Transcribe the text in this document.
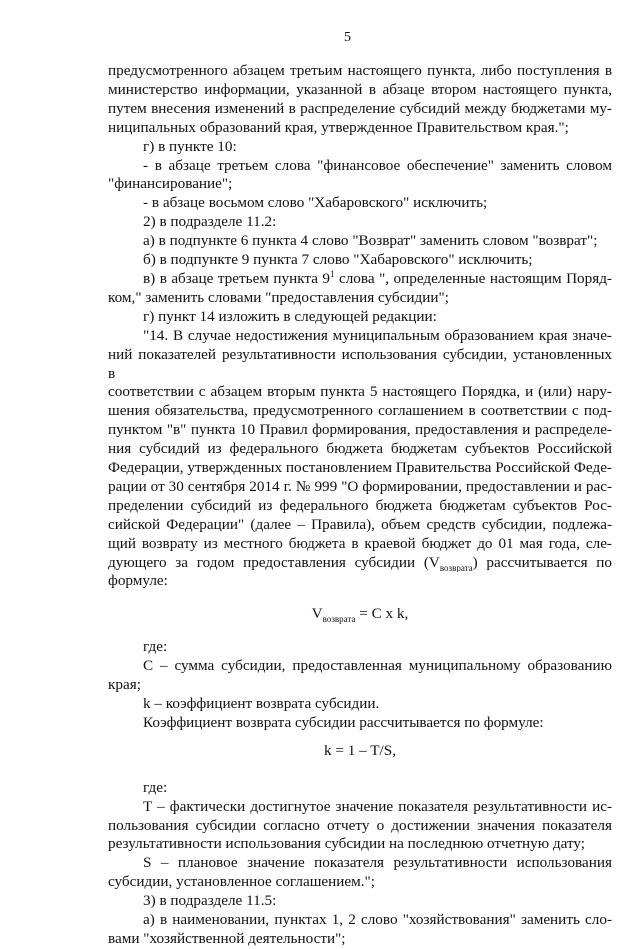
5
предусмотренного абзацем третьим настоящего пункта, либо поступления в
министерство информации, указанной в абзаце втором настоящего пункта,
путем внесения изменений в распределение субсидий между бюджетами му-
ниципальных образований края, утвержденное Правительством края.";
г) в пункте 10:
- в абзаце третьем слова "финансовое обеспечение" заменить словом
"финансирование";
- в абзаце восьмом слово "Хабаровского" исключить;
2) в подразделе 11.2:
а) в подпункте 6 пункта 4 слово "Возврат" заменить словом "возврат";
б) в подпункте 9 пункта 7 слово "Хабаровского" исключить;
в) в абзаце третьем пункта $9^1$ слова ", определенные настоящим Поряд-
ком," заменить словами "предоставления субсидии";
г) пункт 14 изложить в следующей редакции:
"14. В случае недостижения муниципальным образованием края значе-
ний показателей результативности использования субсидии, установленных в
соответствии с абзацем вторым пункта 5 настоящего Порядка, и (или) нару-
шения обязательства, предусмотренного соглашением в соответствии с под-
пунктом "в" пункта 10 Правил формирования, предоставления и распределе-
ния субсидий из федерального бюджета бюджетам субъектов Российской
Федерации, утвержденных постановлением Правительства Российской Феде-
рации от 30 сентября 2014 г. № 999 "О формировании, предоставлении и рас-
пределении субсидий из федерального бюджета бюджетам субъектов Рос-
сийской Федерации" (далее – Правила), объем средств субсидии, подлежа-
щий возврату из местного бюджета в краевой бюджет до 01 мая года, сле-
дующего за годом предоставления субсидии $(V_{возврата})$ рассчитывается по
формуле:
$V_{возврата} = C$ x k,
где:
C – сумма субсидии, предоставленная муниципальному образованию
края;
k – коэффициент возврата субсидии.
Коэффициент возврата субсидии рассчитывается по формуле:
k = 1 – T/S,
где:
T – фактически достигнутое значение показателя результативности ис-
пользования субсидии согласно отчету о достижении значения показателя
результативности использования субсидии на последнюю отчетную дату;
S – плановое значение показателя результативности использования
субсидии, установленное соглашением.";
3) в подразделе 11.5:
а) в наименовании, пунктах 1, 2 слово "хозяйствования" заменить сло-
вами "хозяйственной деятельности";
